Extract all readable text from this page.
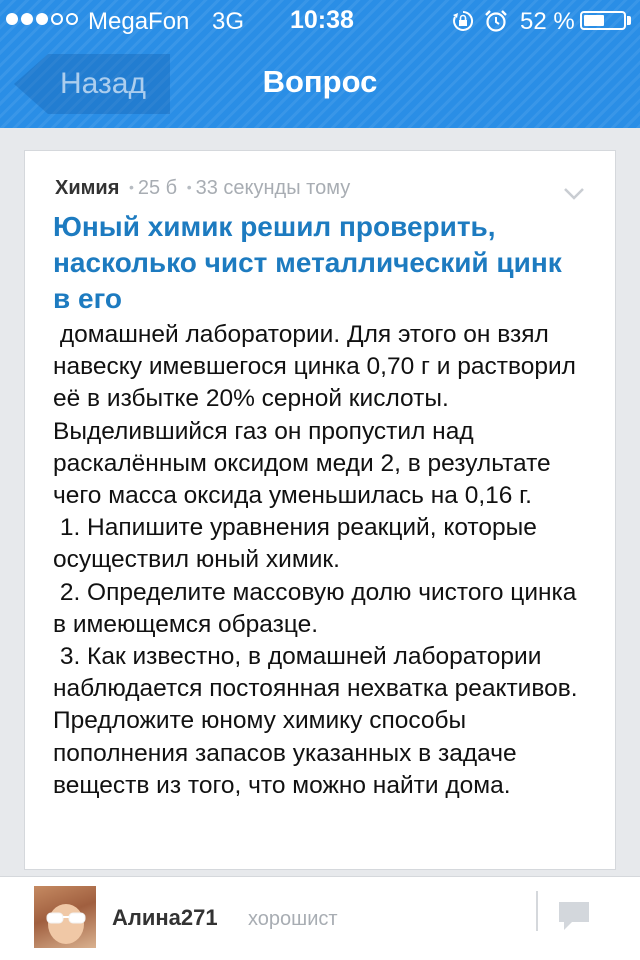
MegaFon 3G 10:38	52 %
Назад	Вопрос
Химия • 25 б • 33 секунды тому
Юный химик решил проверить, насколько чист металлический цинк в его
домашней лаборатории. Для этого он взял навеску имевшегося цинка 0,70 г и растворил её в избытке 20% серной кислоты. Выделившийся газ он пропустил над раскалённым оксидом меди 2, в результате чего масса оксида уменьшилась на 0,16 г.
1. Напишите уравнения реакций, которые осуществил юный химик.
2. Определите массовую долю чистого цинка в имеющемся образце.
3. Как известно, в домашней лаборатории наблюдается постоянная нехватка реактивов. Предложите юному химику способы пополнения запасов указанных в задаче веществ из того, что можно найти дома.
Алина271 хорошист
